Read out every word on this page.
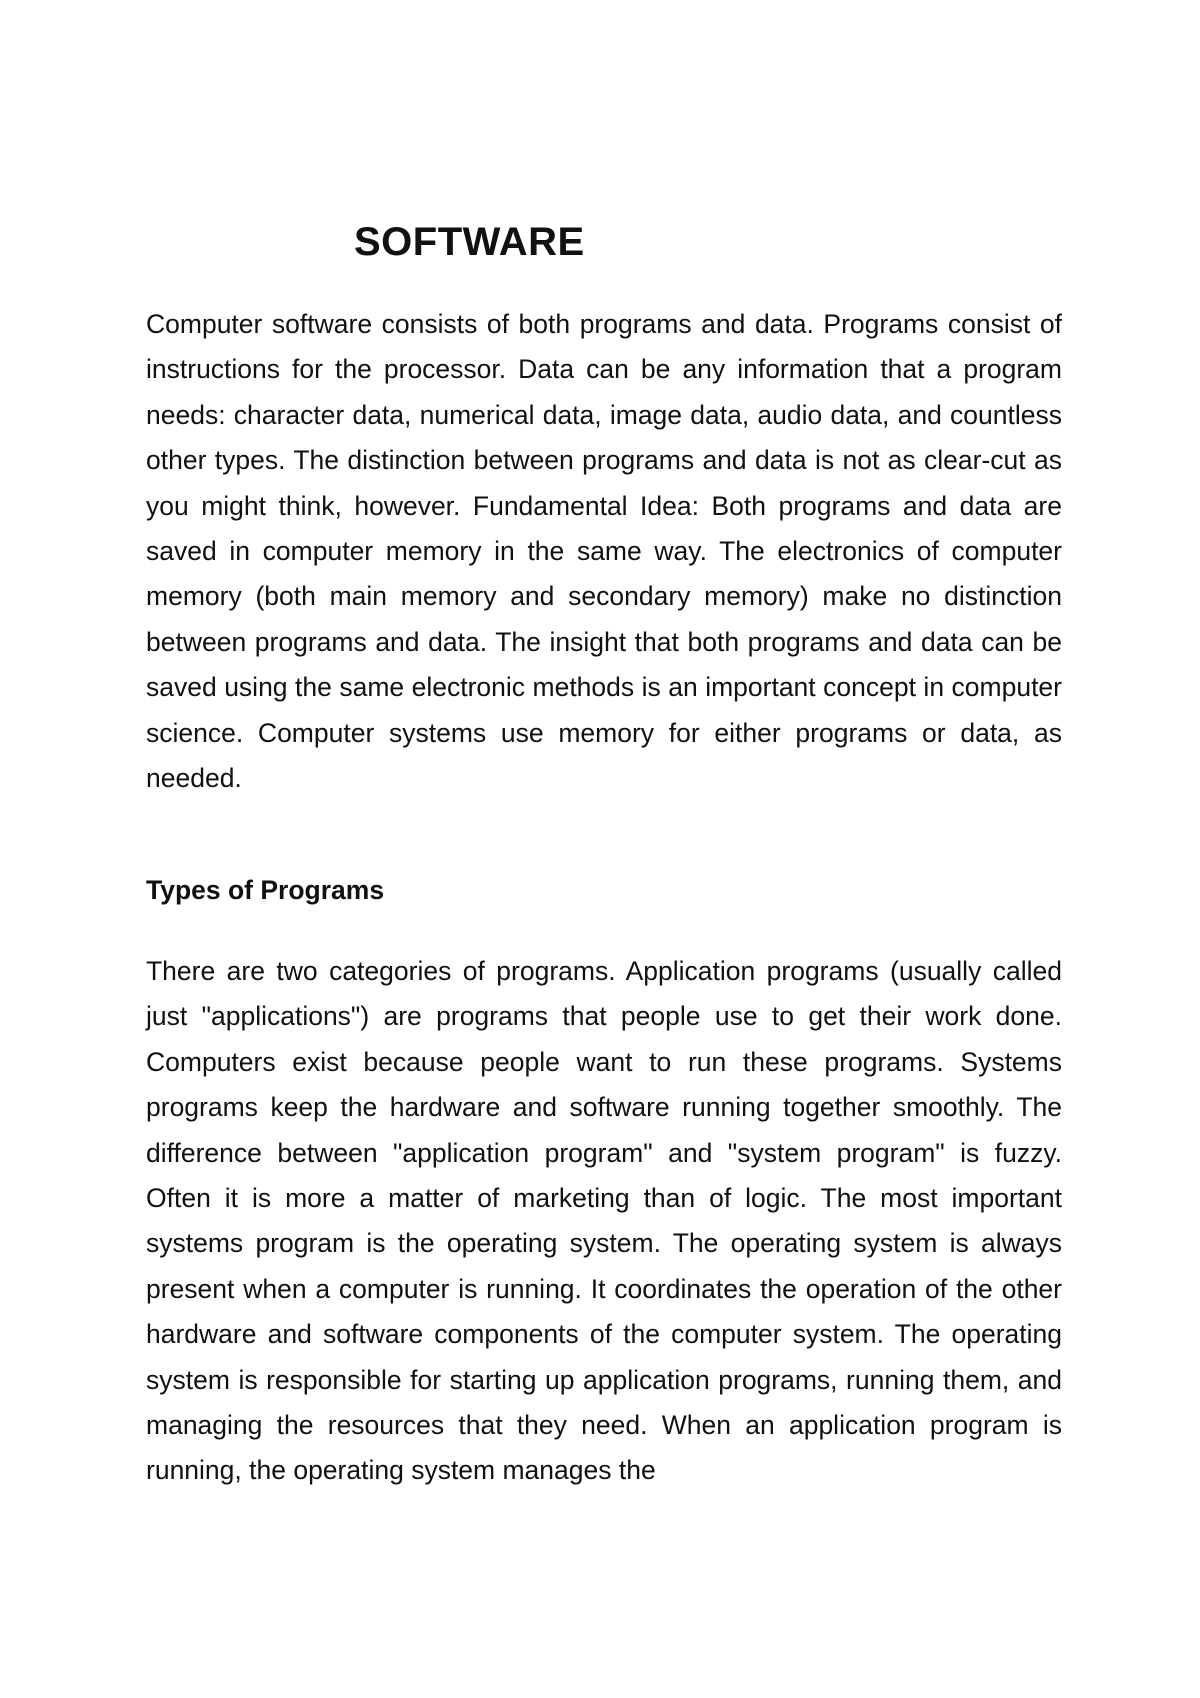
SOFTWARE

Computer software consists of both programs and data. Programs consist of instructions for the processor. Data can be any information that a program needs: character data, numerical data, image data, audio data, and countless other types. The distinction between programs and data is not as clear-cut as you might think, however. Fundamental Idea: Both programs and data are saved in computer memory in the same way. The electronics of computer memory (both main memory and secondary memory) make no distinction between programs and data. The insight that both programs and data can be saved using the same electronic methods is an important concept in computer science. Computer systems use memory for either programs or data, as needed.

Types of Programs

There are two categories of programs. Application programs (usually called just "applications") are programs that people use to get their work done. Computers exist because people want to run these programs. Systems programs keep the hardware and software running together smoothly. The difference between "application program" and "system program" is fuzzy. Often it is more a matter of marketing than of logic. The most important systems program is the operating system. The operating system is always present when a computer is running. It coordinates the operation of the other hardware and software components of the computer system. The operating system is responsible for starting up application programs, running them, and managing the resources that they need. When an application program is running, the operating system manages the
